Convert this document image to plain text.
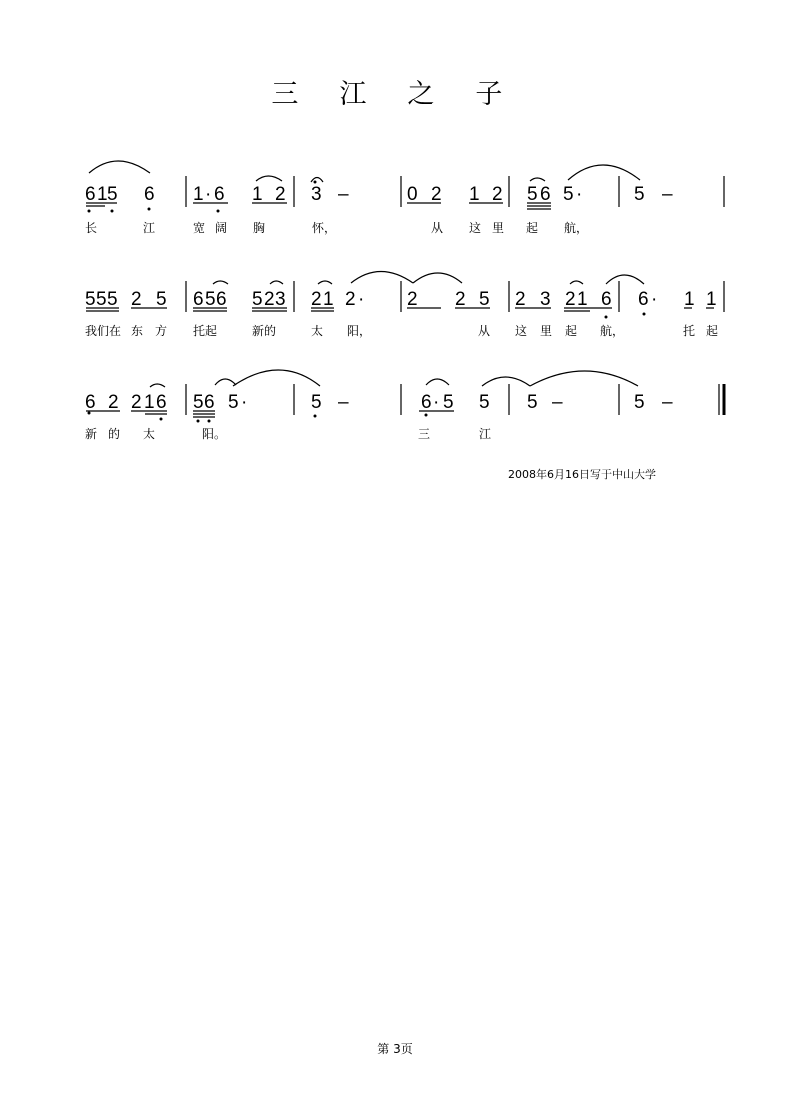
三 江 之 子
6 1 5 6 1 · 6 1 2 3 –	0 2 1 2 5 6 5 ·	5 –
长	江	宽 阔 胸	怀，	从 这 里 起 航，
5 5 5 2 5 6 5 6 5 2 3 2 1 2 · 2 2 5 2 3 2 1 6 6 · 1 1
我们在 东 方 托起	新的	太 阳，	从 这 里 起 航，	托 起
6 2 2 1 6 5 6 5 ·	5 –	6 · 5 5 5 –	5 –
新 的 太	阳。	三	江
2008年6月16日写于中山大学
第 3页
